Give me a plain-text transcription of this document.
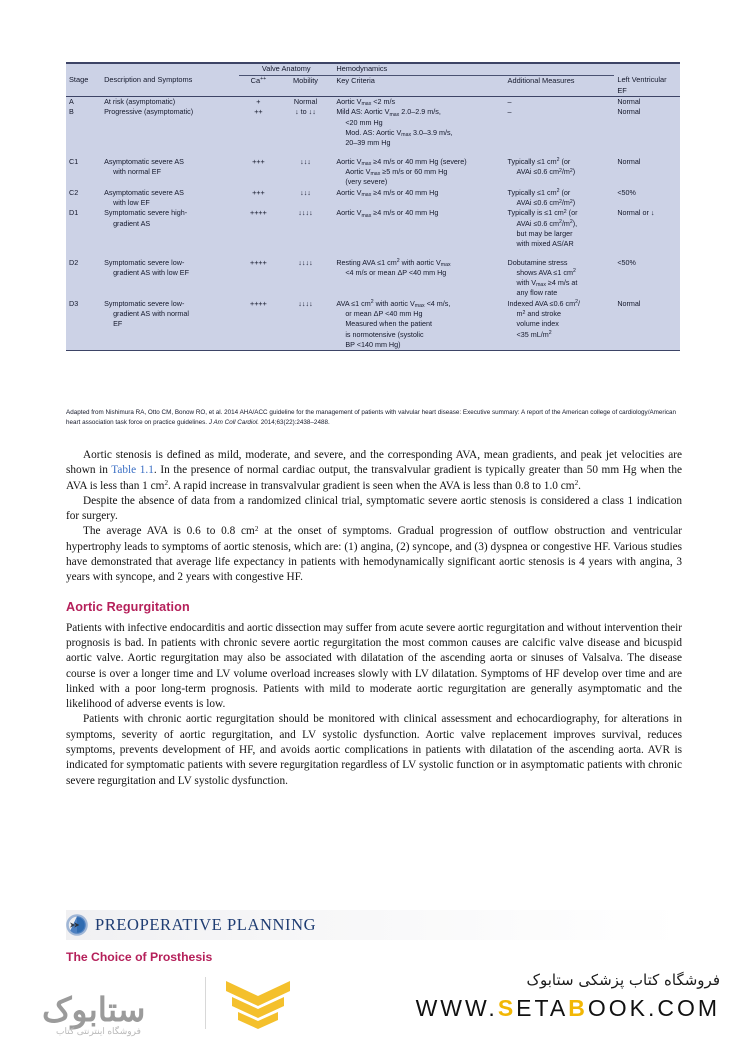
		Valve Anatomy		Hemodynamics		
Stage	Description and Symptoms	Ca++	Mobility	Key Criteria	Additional Measures	Left Ventricular
EF
A	At risk (asymptomatic)	+	Normal	Aortic $V_{max} <2$ m/s	–	Normal
B	Progressive (asymptomatic)	++	↓ to ↓↓	Mild AS: Aortic $V_{max}$ 2.0–2.9 m/s,
<20 mm Hg
Mod. AS: Aortic $V_{max}$ 3.0–3.9 m/s,
20–39 mm Hg	–	Normal

C1	Asymptomatic severe AS
with normal EF	+++	↓↓↓	Aortic $V_{max} \ge 4$ m/s or 40 mm Hg (severe)
Aortic $V_{max} \ge 5$ m/s or 60 mm Hg
(very severe)	Typically ≤1 $cm^2$ (or
AVAi ≤0.6 $cm^2/m^2$)	Normal
C2	Asymptomatic severe AS
with low EF	+++	↓↓↓	Aortic $V_{max} \ge 4$ m/s or 40 mm Hg	Typically ≤1 $cm^2$ (or
AVAi ≤0.6 $cm^2/m^2$)	<50%
D1	Symptomatic severe high-
gradient AS	++++	↓↓↓↓	Aortic $V_{max} \ge 4$ m/s or 40 mm Hg	Typically is ≤1 $cm^2$ (or
AVAi ≤0.6 $cm^2/m^2$),
but may be larger
with mixed AS/AR	Normal or ↓

D2	Symptomatic severe low-
gradient AS with low EF	++++	↓↓↓↓	Resting AVA ≤1 $cm^2$ with aortic $V_{max}$
<4 m/s or mean ΔP <40 mm Hg	Dobutamine stress
shows AVA ≤1 $cm^2$
with $V_{max} \ge 4$ m/s at
any flow rate	<50%
D3	Symptomatic severe low-
gradient AS with normal
EF	++++	↓↓↓↓	AVA ≤1 $cm^2$ with aortic $V_{max} <4$ m/s,
or mean ΔP <40 mm Hg
Measured when the patient
is normotensive (systolic
BP <140 mm Hg)	Indexed AVA ≤0.6 $cm^2/$
$m^2$ and stroke
volume index
<35 $mL/m^2$	Normal
Adapted from Nishimura RA, Otto CM, Bonow RO, et al. 2014 AHA/ACC guideline for the management of patients with valvular heart disease: Executive summary: A report of the American college of cardiology/American heart association task force on practice guidelines. J Am Coll Cardiol. 2014;63(22):2438–2488.

Aortic stenosis is defined as mild, moderate, and severe, and the corresponding AVA, mean gradients, and peak jet velocities are shown in Table 1.1. In the presence of normal cardiac output, the transvalvular gradient is typically greater than 50 mm Hg when the AVA is less than 1 $cm^2$. A rapid increase in transvalvular gradient is seen when the AVA is less than 0.8 to 1.0 $cm^2$.

Despite the absence of data from a randomized clinical trial, symptomatic severe aortic stenosis is considered a class 1 indication for surgery.

The average AVA is 0.6 to 0.8 $cm^2$ at the onset of symptoms. Gradual progression of outflow obstruction and ventricular hypertrophy leads to symptoms of aortic stenosis, which are: (1) angina, (2) syncope, and (3) dyspnea or congestive HF. Various studies have demonstrated that average life expectancy in patients with hemodynamically significant aortic stenosis is 4 years with angina, 3 years with syncope, and 2 years with congestive HF.

Aortic Regurgitation

Patients with infective endocarditis and aortic dissection may suffer from acute severe aortic regurgitation and without intervention their prognosis is bad. In patients with chronic severe aortic regurgitation the most common causes are calcific valve disease and bicuspid aortic valve. Aortic regurgitation may also be associated with dilatation of the ascending aorta or sinuses of Valsalva. The disease course is over a longer time and LV volume overload increases slowly with LV dilatation. Symptoms of HF develop over time and are linked with a poor long-term prognosis. Patients with mild to moderate aortic regurgitation are generally asymptomatic and the likelihood of adverse events is low.

Patients with chronic aortic regurgitation should be monitored with clinical assessment and echocardiography, for alterations in symptoms, severity of aortic regurgitation, and LV systolic dysfunction. Aortic valve replacement improves survival, reduces symptoms, prevents development of HF, and avoids aortic complications in patients with dilatation of the ascending aorta. AVR is indicated for symptomatic patients with severe regurgitation regardless of LV systolic function or in asymptomatic patients with chronic severe regurgitation and LV systolic dysfunction.

PREOPERATIVE PLANNING
The Choice of Prosthesis
ستابوک
فروشگاه اینترنتی کتاب
فروشگاه کتاب پزشکی ستابوک
WWW.SETABOOK.COM
